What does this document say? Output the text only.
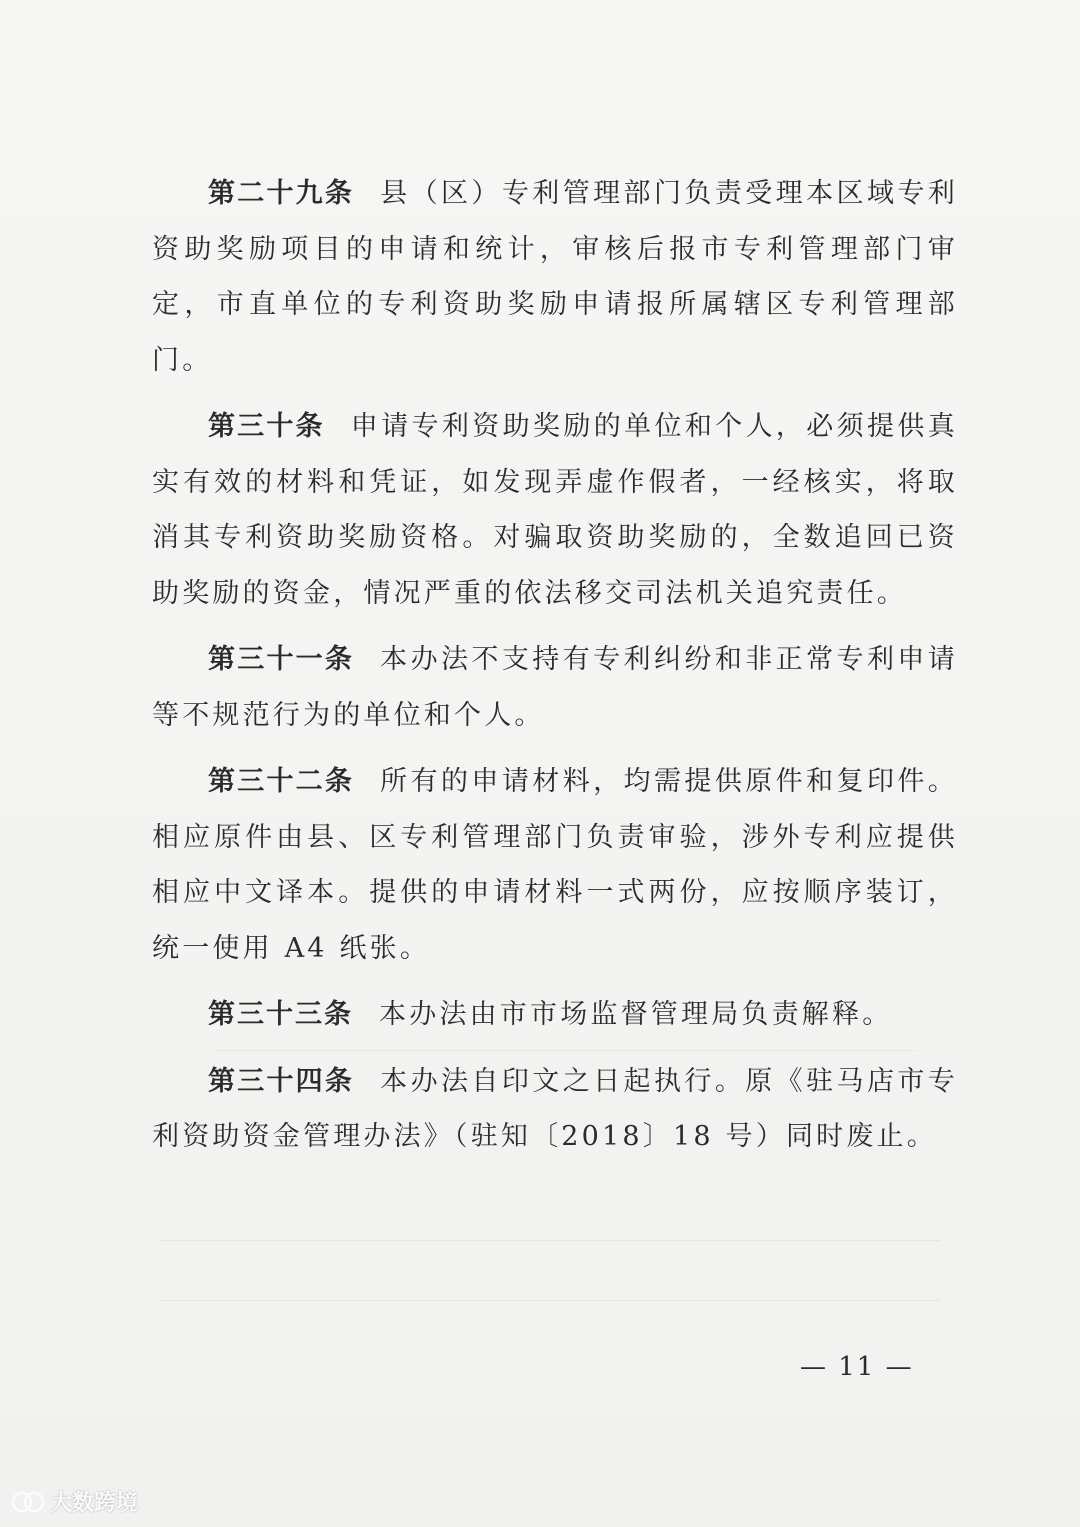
第二十九条 县（区）专利管理部门负责受理本区域专利资助奖励项目的申请和统计，审核后报市专利管理部门审定，市直单位的专利资助奖励申请报所属辖区专利管理部门。

第三十条 申请专利资助奖励的单位和个人，必须提供真实有效的材料和凭证，如发现弄虚作假者，一经核实，将取消其专利资助奖励资格。对骗取资助奖励的，全数追回已资助奖励的资金，情况严重的依法移交司法机关追究责任。

第三十一条 本办法不支持有专利纠纷和非正常专利申请等不规范行为的单位和个人。

第三十二条 所有的申请材料，均需提供原件和复印件。相应原件由县、区专利管理部门负责审验，涉外专利应提供相应中文译本。提供的申请材料一式两份，应按顺序装订，统一使用 A4 纸张。

第三十三条 本办法由市市场监督管理局负责解释。

第三十四条 本办法自印文之日起执行。原《驻马店市专利资助资金管理办法》（驻知〔2018〕18 号）同时废止。

— 11 —
大数跨境
